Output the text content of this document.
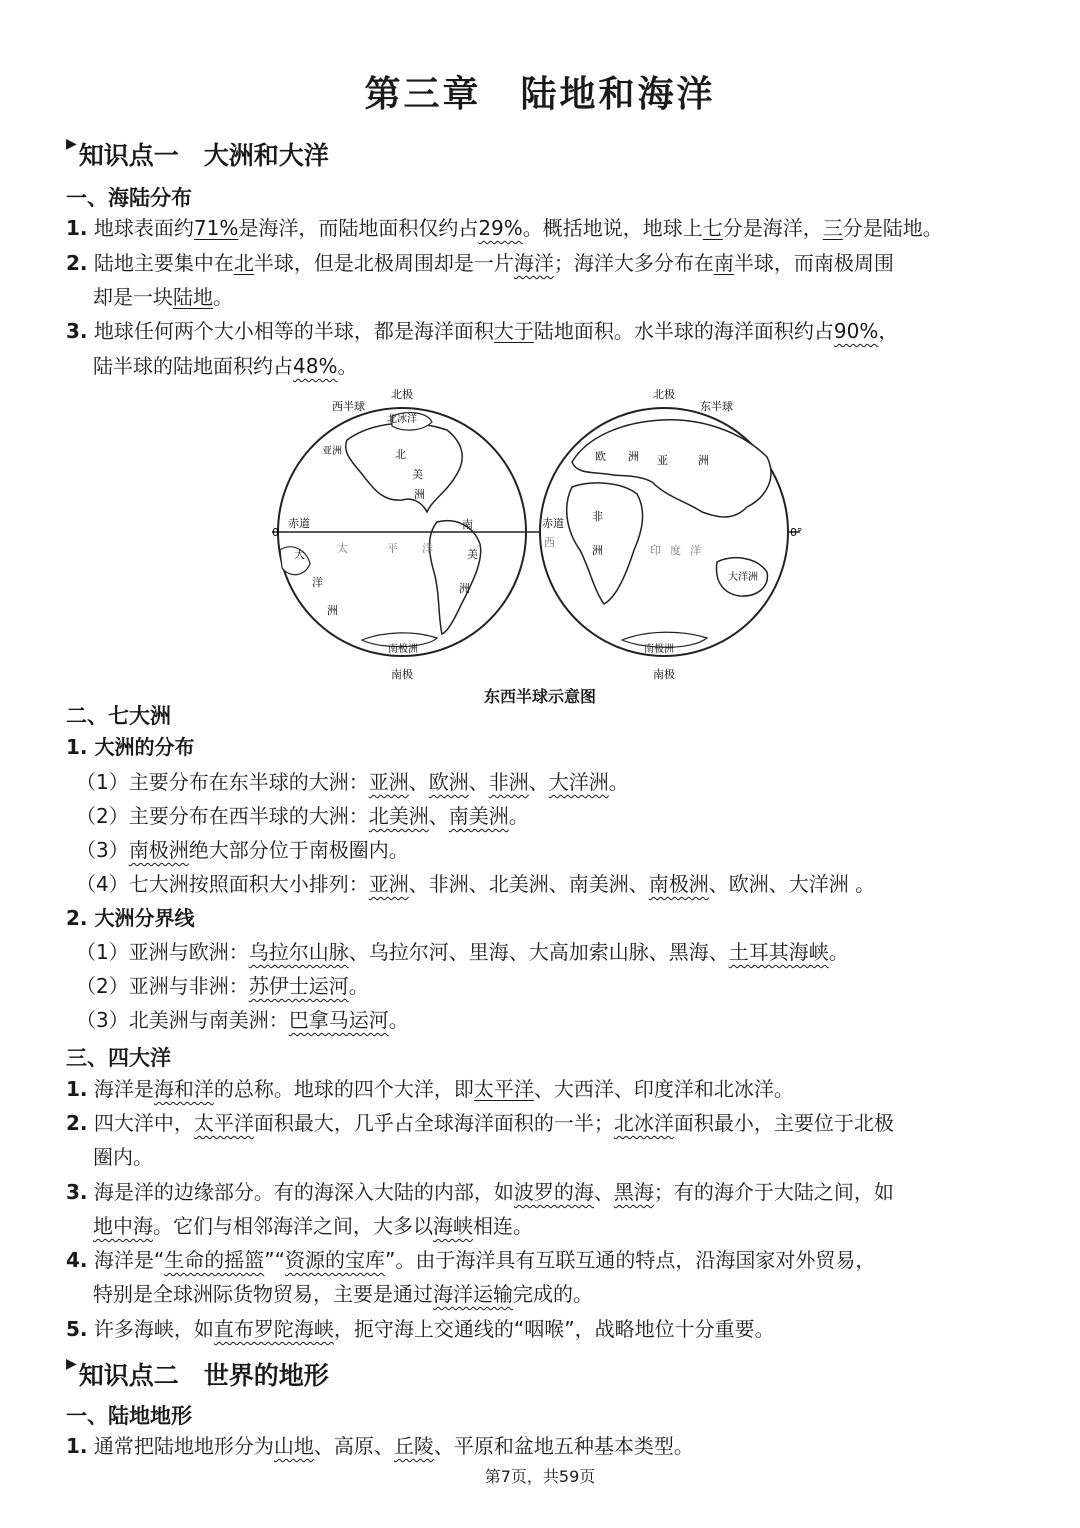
第三章　陆地和海洋
▶知识点一　大洲和大洋
一、海陆分布
1. 地球表面约71%是海洋，而陆地面积仅约占29%。概括地说，地球上七分是海洋，三分是陆地。
2. 陆地主要集中在北半球，但是北极周围却是一片海洋；海洋大多分布在南半球，而南极周围
却是一块陆地。
3. 地球任何两个大小相等的半球，都是海洋面积大于陆地面积。水半球的海洋面积约占90%，
陆半球的陆地面积约占48%。
西半球
北极
南极
北冰洋
亚洲	北
美
洲
南
美
洲
大
洋
洲
太	平 洋
南极洲
赤道
0
东半球
北极
南极
欧 洲 亚	洲
非
洲	印 度 洋
大洋洲
南极洲
西
赤道
0°
东西半球示意图
二、七大洲
1. 大洲的分布
（1）主要分布在东半球的大洲：亚洲、欧洲、非洲、大洋洲。
（2）主要分布在西半球的大洲：北美洲、南美洲。
（3）南极洲绝大部分位于南极圈内。
（4）七大洲按照面积大小排列：亚洲、非洲、北美洲、南美洲、南极洲、欧洲、大洋洲 。
2. 大洲分界线
（1）亚洲与欧洲：乌拉尔山脉、乌拉尔河、里海、大高加索山脉、黑海、土耳其海峡。
（2）亚洲与非洲：苏伊士运河。
（3）北美洲与南美洲：巴拿马运河。
三、四大洋
1. 海洋是海和洋的总称。地球的四个大洋，即太平洋、大西洋、印度洋和北冰洋。
2. 四大洋中，太平洋面积最大，几乎占全球海洋面积的一半；北冰洋面积最小，主要位于北极
圈内。
3. 海是洋的边缘部分。有的海深入大陆的内部，如波罗的海、黑海；有的海介于大陆之间，如
地中海。它们与相邻海洋之间，大多以海峡相连。
4. 海洋是“生命的摇篮”“资源的宝库”。由于海洋具有互联互通的特点，沿海国家对外贸易，
特别是全球洲际货物贸易，主要是通过海洋运输完成的。
5. 许多海峡，如直布罗陀海峡，扼守海上交通线的“咽喉”，战略地位十分重要。
▶知识点二　世界的地形
一、陆地地形
1. 通常把陆地地形分为山地、高原、丘陵、平原和盆地五种基本类型。
第7页，共59页
